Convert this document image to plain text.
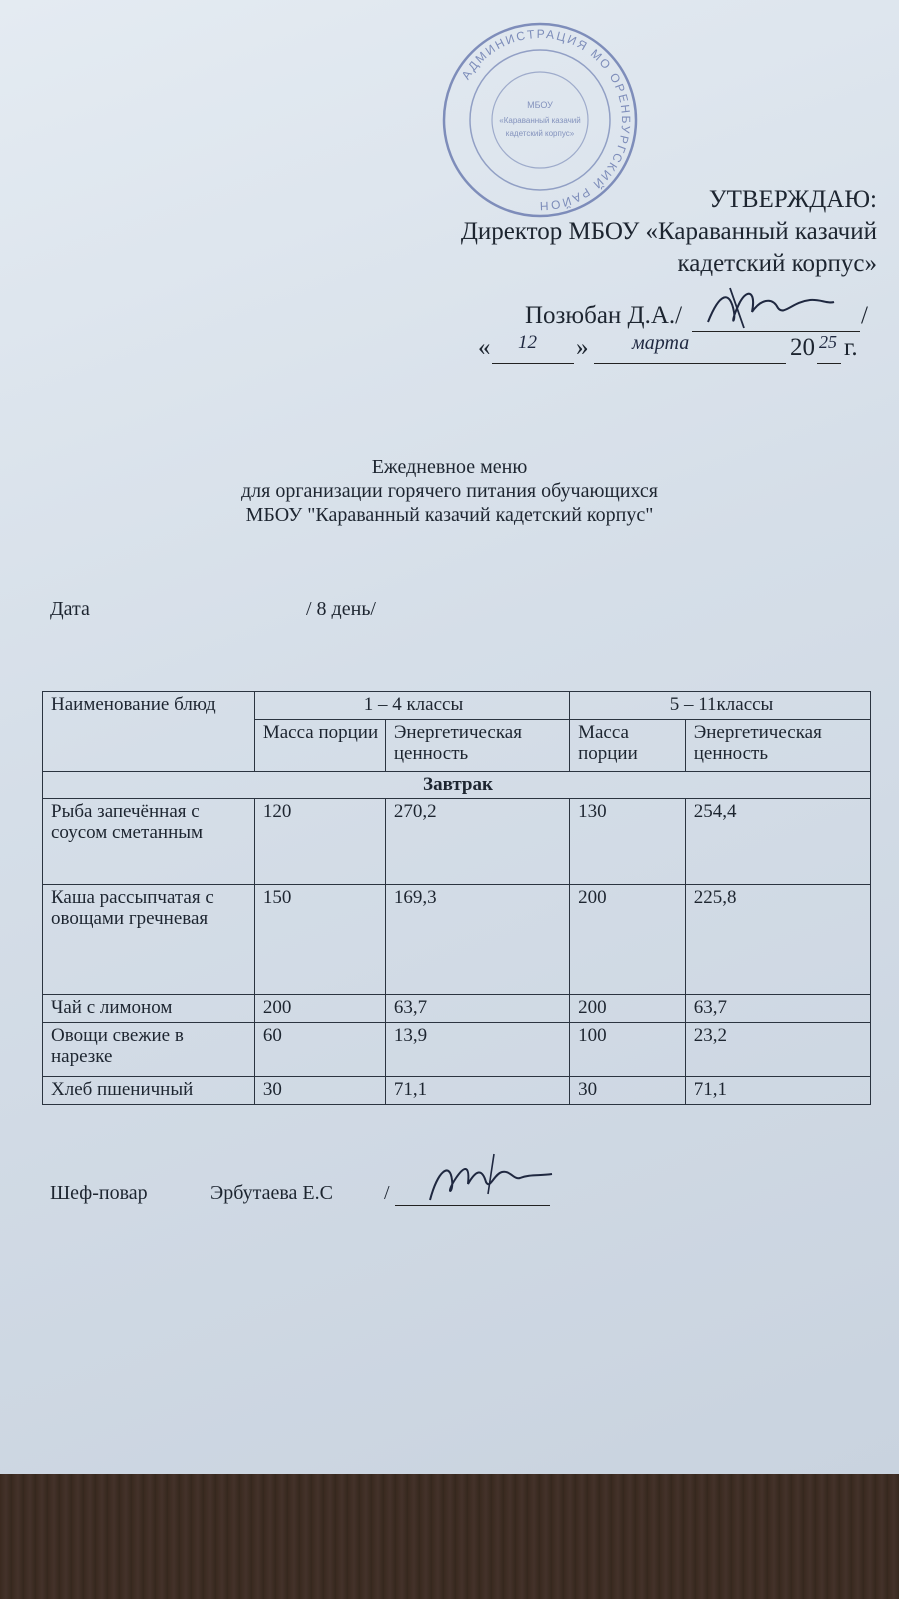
АДМИНИСТРАЦИЯ МО ОРЕНБУРГСКИЙ РАЙОН
МБОУ
«Караванный казачий
кадетский корпус»
УТВЕРЖДАЮ:
Директор МБОУ «Караванный казачий
кадетский корпус»
Позюбан Д.А./	/
« 12 » марта	20 25 г.
Ежедневное меню
для организации горячего питания обучающихся
МБОУ "Караванный казачий кадетский корпус"
Дата	/ 8 день/
Наименование блюд	1 – 4 классы		5 – 11классы	
	Масса порции	Энергетическая ценность	Масса порции	Энергетическая ценность
Завтрак				
Рыба запечённая с соусом сметанным	120	270,2	130	254,4
Каша рассыпчатая с овощами гречневая	150	169,3	200	225,8
Чай с лимоном	200	63,7	200	63,7
Овощи свежие в нарезке	60	13,9	100	23,2
Хлеб пшеничный	30	71,1	30	71,1
Шеф-повар	Эрбутаева Е.С	/
